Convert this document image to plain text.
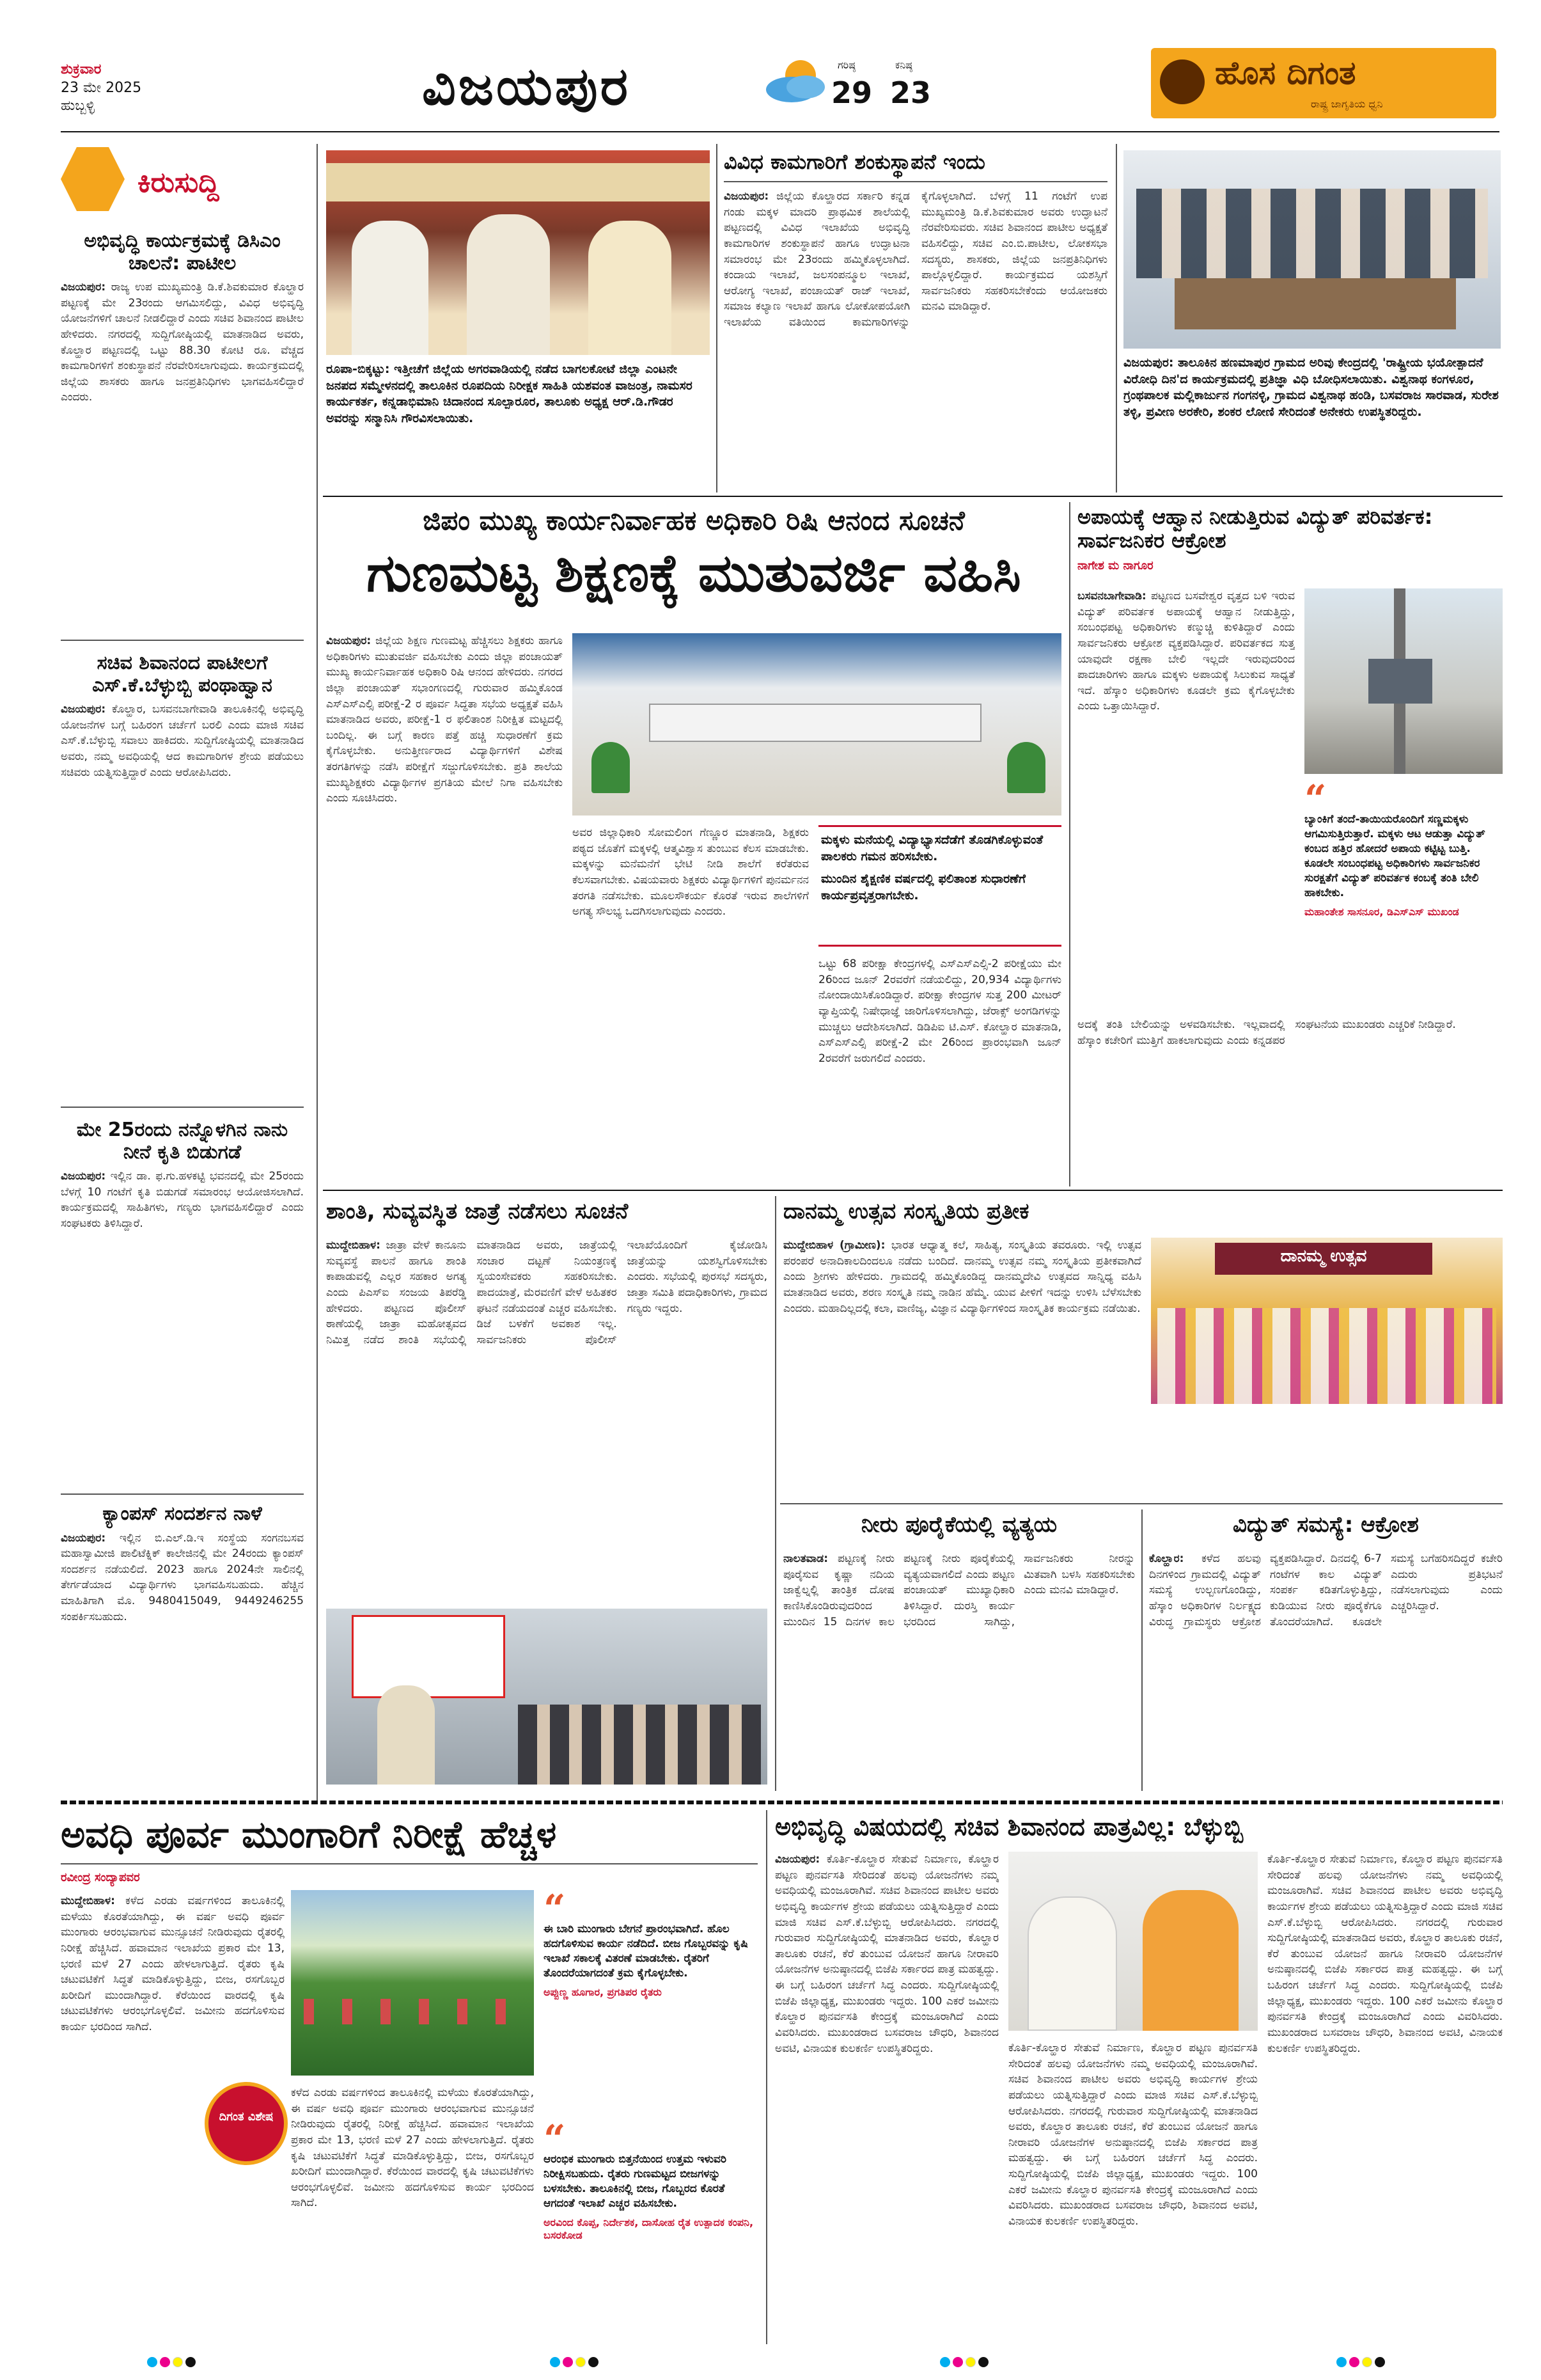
ಶುಕ್ರವಾರ
23 ಮೇ 2025
ಹುಬ್ಬಳ್ಳಿ	ವಿಜಯಪುರ	ಗರಿಷ್ಠ
29
ಕನಿಷ್ಠ
23
ಹೊಸ ದಿಗಂತ
ರಾಷ್ಟ್ರ ಜಾಗೃತಿಯ ಧ್ವನಿ
ಕಿರುಸುದ್ದಿ
ಅಭಿವೃದ್ಧಿ ಕಾರ್ಯಕ್ರಮಕ್ಕೆ ಡಿಸಿಎಂ ಚಾಲನೆ: ಪಾಟೀಲ
ವಿಜಯಪುರ: ರಾಜ್ಯ ಉಪ ಮುಖ್ಯಮಂತ್ರಿ ಡಿ.ಕೆ.ಶಿವಕುಮಾರ ಕೊಲ್ಹಾರ ಪಟ್ಟಣಕ್ಕೆ ಮೇ 23ರಂದು ಆಗಮಿಸಲಿದ್ದು, ವಿವಿಧ ಅಭಿವೃದ್ಧಿ ಯೋಜನೆಗಳಿಗೆ ಚಾಲನೆ ನೀಡಲಿದ್ದಾರೆ ಎಂದು ಸಚಿವ ಶಿವಾನಂದ ಪಾಟೀಲ ಹೇಳಿದರು. ನಗರದಲ್ಲಿ ಸುದ್ದಿಗೋಷ್ಠಿಯಲ್ಲಿ ಮಾತನಾಡಿದ ಅವರು, ಕೊಲ್ಹಾರ ಪಟ್ಟಣದಲ್ಲಿ ಒಟ್ಟು 88.30 ಕೋಟಿ ರೂ. ವೆಚ್ಚದ ಕಾಮಗಾರಿಗಳಿಗೆ ಶಂಕುಸ್ಥಾಪನೆ ನೆರವೇರಿಸಲಾಗುವುದು. ಕಾರ್ಯಕ್ರಮದಲ್ಲಿ ಜಿಲ್ಲೆಯ ಶಾಸಕರು ಹಾಗೂ ಜನಪ್ರತಿನಿಧಿಗಳು ಭಾಗವಹಿಸಲಿದ್ದಾರೆ ಎಂದರು.
ಸಚಿವ ಶಿವಾನಂದ ಪಾಟೀಲಗೆ ಎಸ್.ಕೆ.ಬೆಳ್ಳುಬ್ಬಿ ಪಂಥಾಹ್ವಾನ
ವಿಜಯಪುರ: ಕೊಲ್ಹಾರ, ಬಸವನಬಾಗೇವಾಡಿ ತಾಲೂಕಿನಲ್ಲಿ ಅಭಿವೃದ್ಧಿ ಯೋಜನೆಗಳ ಬಗ್ಗೆ ಬಹಿರಂಗ ಚರ್ಚೆಗೆ ಬರಲಿ ಎಂದು ಮಾಜಿ ಸಚಿವ ಎಸ್.ಕೆ.ಬೆಳ್ಳುಬ್ಬಿ ಸವಾಲು ಹಾಕಿದರು. ಸುದ್ದಿಗೋಷ್ಠಿಯಲ್ಲಿ ಮಾತನಾಡಿದ ಅವರು, ನಮ್ಮ ಅವಧಿಯಲ್ಲಿ ಆದ ಕಾಮಗಾರಿಗಳ ಶ್ರೇಯ ಪಡೆಯಲು ಸಚಿವರು ಯತ್ನಿಸುತ್ತಿದ್ದಾರೆ ಎಂದು ಆರೋಪಿಸಿದರು.
ಮೇ 25ರಂದು ನನ್ನೊಳಗಿನ ನಾನು ನೀನೆ ಕೃತಿ ಬಿಡುಗಡೆ
ವಿಜಯಪುರ: ಇಲ್ಲಿನ ಡಾ. ಫ.ಗು.ಹಳಕಟ್ಟಿ ಭವನದಲ್ಲಿ ಮೇ 25ರಂದು ಬೆಳಗ್ಗೆ 10 ಗಂಟೆಗೆ ಕೃತಿ ಬಿಡುಗಡೆ ಸಮಾರಂಭ ಆಯೋಜಿಸಲಾಗಿದೆ. ಕಾರ್ಯಕ್ರಮದಲ್ಲಿ ಸಾಹಿತಿಗಳು, ಗಣ್ಯರು ಭಾಗವಹಿಸಲಿದ್ದಾರೆ ಎಂದು ಸಂಘಟಕರು ತಿಳಿಸಿದ್ದಾರೆ.
ಕ್ಯಾಂಪಸ್ ಸಂದರ್ಶನ ನಾಳೆ
ವಿಜಯಪುರ: ಇಲ್ಲಿನ ಬಿ.ಎಲ್.ಡಿ.ಇ ಸಂಸ್ಥೆಯ ಸಂಗನಬಸವ ಮಹಾಸ್ವಾಮೀಜಿ ಪಾಲಿಟೆಕ್ನಿಕ್ ಕಾಲೇಜಿನಲ್ಲಿ ಮೇ 24ರಂದು ಕ್ಯಾಂಪಸ್ ಸಂದರ್ಶನ ನಡೆಯಲಿದೆ. 2023 ಹಾಗೂ 2024ನೇ ಸಾಲಿನಲ್ಲಿ ತೇರ್ಗಡೆಯಾದ ವಿದ್ಯಾರ್ಥಿಗಳು ಭಾಗವಹಿಸಬಹುದು. ಹೆಚ್ಚಿನ ಮಾಹಿತಿಗಾಗಿ ಮೊ. 9480415049, 9449246255 ಸಂಪರ್ಕಿಸಬಹುದು.
ರೂಪಾ-ಬಿಕ್ಕಟ್ಟು: ಇತ್ತೀಚೆಗೆ ಜಿಲ್ಲೆಯ ಅಗರವಾಡಿಯಲ್ಲಿ ನಡೆದ ಬಾಗಲಕೋಟೆ ಜಿಲ್ಲಾ ಎಂಟನೇ ಜನಪದ ಸಮ್ಮೇಳನದಲ್ಲಿ ತಾಲೂಕಿನ ರೂಪದಿಯ ನಿರೀಕ್ಷಕ ಸಾಹಿತಿ ಯಶವಂತ ವಾಜಂತ್ರ, ನಾಮಸರ ಕಾರ್ಯಕರ್ತ, ಕನ್ನಡಾಭಿಮಾನಿ ಚಿದಾನಂದ ಸೂಲ್ಪಾರೂರ, ತಾಲೂಕು ಅಧ್ಯಕ್ಷ ಆರ್.ಡಿ.ಗೌಡರ ಅವರನ್ನು ಸನ್ಮಾನಿಸಿ ಗೌರವಿಸಲಾಯಿತು.
ವಿವಿಧ ಕಾಮಗಾರಿಗೆ ಶಂಕುಸ್ಥಾಪನೆ ಇಂದು
ವಿಜಯಪುರ: ಜಿಲ್ಲೆಯ ಕೊಲ್ಹಾರದ ಸರ್ಕಾರಿ ಕನ್ನಡ ಗಂಡು ಮಕ್ಕಳ ಮಾದರಿ ಪ್ರಾಥಮಿಕ ಶಾಲೆಯಲ್ಲಿ ಪಟ್ಟಣದಲ್ಲಿ ವಿವಿಧ ಇಲಾಖೆಯ ಅಭಿವೃದ್ಧಿ ಕಾಮಗಾರಿಗಳ ಶಂಕುಸ್ಥಾಪನೆ ಹಾಗೂ ಉದ್ಘಾಟನಾ ಸಮಾರಂಭ ಮೇ 23ರಂದು ಹಮ್ಮಿಕೊಳ್ಳಲಾಗಿದೆ. ಕಂದಾಯ ಇಲಾಖೆ, ಜಲಸಂಪನ್ಮೂಲ ಇಲಾಖೆ, ಆರೋಗ್ಯ ಇಲಾಖೆ, ಪಂಚಾಯತ್ ರಾಜ್ ಇಲಾಖೆ, ಸಮಾಜ ಕಲ್ಯಾಣ ಇಲಾಖೆ ಹಾಗೂ ಲೋಕೋಪಯೋಗಿ ಇಲಾಖೆಯ ವತಿಯಿಂದ ಕಾಮಗಾರಿಗಳನ್ನು ಕೈಗೊಳ್ಳಲಾಗಿದೆ. ಬೆಳಗ್ಗೆ 11 ಗಂಟೆಗೆ ಉಪ ಮುಖ್ಯಮಂತ್ರಿ ಡಿ.ಕೆ.ಶಿವಕುಮಾರ ಅವರು ಉದ್ಘಾಟನೆ ನೆರವೇರಿಸುವರು. ಸಚಿವ ಶಿವಾನಂದ ಪಾಟೀಲ ಅಧ್ಯಕ್ಷತೆ ವಹಿಸಲಿದ್ದು, ಸಚಿವ ಎಂ.ಬಿ.ಪಾಟೀಲ, ಲೋಕಸಭಾ ಸದಸ್ಯರು, ಶಾಸಕರು, ಜಿಲ್ಲೆಯ ಜನಪ್ರತಿನಿಧಿಗಳು ಪಾಲ್ಗೊಳ್ಳಲಿದ್ದಾರೆ. ಕಾರ್ಯಕ್ರಮದ ಯಶಸ್ಸಿಗೆ ಸಾರ್ವಜನಿಕರು ಸಹಕರಿಸಬೇಕೆಂದು ಆಯೋಜಕರು ಮನವಿ ಮಾಡಿದ್ದಾರೆ.
ವಿಜಯಪುರ: ತಾಲೂಕಿನ ಹಣಮಾಪುರ ಗ್ರಾಮದ ಅರಿವು ಕೇಂದ್ರದಲ್ಲಿ 'ರಾಷ್ಟ್ರೀಯ ಭಯೋತ್ಪಾದನೆ ವಿರೋಧಿ ದಿನ'ದ ಕಾರ್ಯಕ್ರಮದಲ್ಲಿ ಪ್ರತಿಜ್ಞಾ ವಿಧಿ ಬೋಧಿಸಲಾಯಿತು. ವಿಶ್ವನಾಥ ಕಂಗಳೂರ, ಗ್ರಂಥಪಾಲಕ ಮಲ್ಲಿಕಾರ್ಜುನ ಗಂಗನಳ್ಳಿ, ಗ್ರಾಮದ ವಿಶ್ವನಾಥ ಹಂಡಿ, ಬಸವರಾಜ ಸಾರವಾಡ, ಸುರೇಶ ತಳ್ಳಿ, ಪ್ರವೀಣ ಅರಕೇರಿ, ಶಂಕರ ಲೋಣಿ ಸೇರಿದಂತೆ ಅನೇಕರು ಉಪಸ್ಥಿತರಿದ್ದರು.
ಜಿಪಂ ಮುಖ್ಯ ಕಾರ್ಯನಿರ್ವಾಹಕ ಅಧಿಕಾರಿ ರಿಷಿ ಆನಂದ ಸೂಚನೆ
ಗುಣಮಟ್ಟ ಶಿಕ್ಷಣಕ್ಕೆ ಮುತುವರ್ಜಿ ವಹಿಸಿ
ವಿಜಯಪುರ: ಜಿಲ್ಲೆಯ ಶಿಕ್ಷಣ ಗುಣಮಟ್ಟ ಹೆಚ್ಚಿಸಲು ಶಿಕ್ಷಕರು ಹಾಗೂ ಅಧಿಕಾರಿಗಳು ಮುತುವರ್ಜಿ ವಹಿಸಬೇಕು ಎಂದು ಜಿಲ್ಲಾ ಪಂಚಾಯತ್ ಮುಖ್ಯ ಕಾರ್ಯನಿರ್ವಾಹಕ ಅಧಿಕಾರಿ ರಿಷಿ ಆನಂದ ಹೇಳಿದರು. ನಗರದ ಜಿಲ್ಲಾ ಪಂಚಾಯತ್ ಸಭಾಂಗಣದಲ್ಲಿ ಗುರುವಾರ ಹಮ್ಮಿಕೊಂಡ ಎಸ್ಎಸ್ಎಲ್ಸಿ ಪರೀಕ್ಷೆ-2 ರ ಪೂರ್ವ ಸಿದ್ಧತಾ ಸಭೆಯ ಅಧ್ಯಕ್ಷತೆ ವಹಿಸಿ ಮಾತನಾಡಿದ ಅವರು, ಪರೀಕ್ಷೆ-1 ರ ಫಲಿತಾಂಶ ನಿರೀಕ್ಷಿತ ಮಟ್ಟದಲ್ಲಿ ಬಂದಿಲ್ಲ. ಈ ಬಗ್ಗೆ ಕಾರಣ ಪತ್ತೆ ಹಚ್ಚಿ ಸುಧಾರಣೆಗೆ ಕ್ರಮ ಕೈಗೊಳ್ಳಬೇಕು. ಅನುತ್ತೀರ್ಣರಾದ ವಿದ್ಯಾರ್ಥಿಗಳಿಗೆ ವಿಶೇಷ ತರಗತಿಗಳನ್ನು ನಡೆಸಿ ಪರೀಕ್ಷೆಗೆ ಸಜ್ಜುಗೊಳಿಸಬೇಕು. ಪ್ರತಿ ಶಾಲೆಯ ಮುಖ್ಯಶಿಕ್ಷಕರು ವಿದ್ಯಾರ್ಥಿಗಳ ಪ್ರಗತಿಯ ಮೇಲೆ ನಿಗಾ ವಹಿಸಬೇಕು ಎಂದು ಸೂಚಿಸಿದರು.
ಅವರ ಜಿಲ್ಲಾಧಿಕಾರಿ ಸೋಮಲಿಂಗ ಗೆಣ್ಣೂರ ಮಾತನಾಡಿ, ಶಿಕ್ಷಕರು ಪಠ್ಯದ ಜೊತೆಗೆ ಮಕ್ಕಳಲ್ಲಿ ಆತ್ಮವಿಶ್ವಾಸ ತುಂಬುವ ಕೆಲಸ ಮಾಡಬೇಕು. ಮಕ್ಕಳನ್ನು ಮನೆಮನೆಗೆ ಭೇಟಿ ನೀಡಿ ಶಾಲೆಗೆ ಕರೆತರುವ ಕೆಲಸವಾಗಬೇಕು. ವಿಷಯವಾರು ಶಿಕ್ಷಕರು ವಿದ್ಯಾರ್ಥಿಗಳಿಗೆ ಪುನರ್ಮನನ ತರಗತಿ ನಡೆಸಬೇಕು. ಮೂಲಸೌಕರ್ಯ ಕೊರತೆ ಇರುವ ಶಾಲೆಗಳಿಗೆ ಅಗತ್ಯ ಸೌಲಭ್ಯ ಒದಗಿಸಲಾಗುವುದು ಎಂದರು.
ಮಕ್ಕಳು ಮನೆಯಲ್ಲಿ ವಿದ್ಯಾಭ್ಯಾಸದೆಡೆಗೆ ತೊಡಗಿಕೊಳ್ಳುವಂತೆ ಪಾಲಕರು ಗಮನ ಹರಿಸಬೇಕು.
ಮುಂದಿನ ಶೈಕ್ಷಣಿಕ ವರ್ಷದಲ್ಲಿ ಫಲಿತಾಂಶ ಸುಧಾರಣೆಗೆ ಕಾರ್ಯಪ್ರವೃತ್ತರಾಗಬೇಕು.
ಒಟ್ಟು 68 ಪರೀಕ್ಷಾ ಕೇಂದ್ರಗಳಲ್ಲಿ ಎಸ್ಎಸ್ಎಲ್ಸಿ-2 ಪರೀಕ್ಷೆಯು ಮೇ 26ರಿಂದ ಜೂನ್ 2ರವರೆಗೆ ನಡೆಯಲಿದ್ದು, 20,934 ವಿದ್ಯಾರ್ಥಿಗಳು ನೋಂದಾಯಿಸಿಕೊಂಡಿದ್ದಾರೆ. ಪರೀಕ್ಷಾ ಕೇಂದ್ರಗಳ ಸುತ್ತ 200 ಮೀಟರ್ ವ್ಯಾಪ್ತಿಯಲ್ಲಿ ನಿಷೇಧಾಜ್ಞೆ ಜಾರಿಗೊಳಿಸಲಾಗಿದ್ದು, ಜೆರಾಕ್ಸ್ ಅಂಗಡಿಗಳನ್ನು ಮುಚ್ಚಲು ಆದೇಶಿಸಲಾಗಿದೆ. ಡಿಡಿಪಿಐ ಟಿ.ಎಸ್. ಕೋಲ್ಹಾರ ಮಾತನಾಡಿ, ಎಸ್ಎಸ್ಎಲ್ಸಿ ಪರೀಕ್ಷೆ-2 ಮೇ 26ರಿಂದ ಪ್ರಾರಂಭವಾಗಿ ಜೂನ್ 2ರವರೆಗೆ ಜರುಗಲಿದೆ ಎಂದರು.
ಅಪಾಯಕ್ಕೆ ಆಹ್ವಾನ ನೀಡುತ್ತಿರುವ ವಿದ್ಯುತ್ ಪರಿವರ್ತಕ: ಸಾರ್ವಜನಿಕರ ಆಕ್ರೋಶ
ನಾಗೇಶ ಮ ನಾಗೂರ
ಬಸವನಬಾಗೇವಾಡಿ: ಪಟ್ಟಣದ ಬಸವೇಶ್ವರ ವೃತ್ತದ ಬಳಿ ಇರುವ ವಿದ್ಯುತ್ ಪರಿವರ್ತಕ ಅಪಾಯಕ್ಕೆ ಆಹ್ವಾನ ನೀಡುತ್ತಿದ್ದು, ಸಂಬಂಧಪಟ್ಟ ಅಧಿಕಾರಿಗಳು ಕಣ್ಮುಚ್ಚಿ ಕುಳಿತಿದ್ದಾರೆ ಎಂದು ಸಾರ್ವಜನಿಕರು ಆಕ್ರೋಶ ವ್ಯಕ್ತಪಡಿಸಿದ್ದಾರೆ. ಪರಿವರ್ತಕದ ಸುತ್ತ ಯಾವುದೇ ರಕ್ಷಣಾ ಬೇಲಿ ಇಲ್ಲದೇ ಇರುವುದರಿಂದ ಪಾದಚಾರಿಗಳು ಹಾಗೂ ಮಕ್ಕಳು ಅಪಾಯಕ್ಕೆ ಸಿಲುಕುವ ಸಾಧ್ಯತೆ ಇದೆ. ಹೆಸ್ಕಾಂ ಅಧಿಕಾರಿಗಳು ಕೂಡಲೇ ಕ್ರಮ ಕೈಗೊಳ್ಳಬೇಕು ಎಂದು ಒತ್ತಾಯಿಸಿದ್ದಾರೆ.
“
ಬ್ಯಾಂಕಿಗೆ ತಂದೆ-ತಾಯಿಯರೊಂದಿಗೆ ಸಣ್ಣಮಕ್ಕಳು ಆಗಮಿಸುತ್ತಿರುತ್ತಾರೆ. ಮಕ್ಕಳು ಆಟ ಆಡುತ್ತಾ ವಿದ್ಯುತ್ ಕಂಬದ ಹತ್ತಿರ ಹೋದರೆ ಅಪಾಯ ಕಟ್ಟಿಟ್ಟ ಬುತ್ತಿ. ಕೂಡಲೇ ಸಂಬಂಧಪಟ್ಟ ಅಧಿಕಾರಿಗಳು ಸಾರ್ವಜನಿಕರ ಸುರಕ್ಷತೆಗೆ ವಿದ್ಯುತ್ ಪರಿವರ್ತಕ ಕಂಬಕ್ಕೆ ತಂತಿ ಬೇಲಿ ಹಾಕಬೇಕು.
ಮಹಾಂತೇಶ ಸಾಸನೂರ, ಡಿಎಸ್ಎಸ್ ಮುಖಂಡ
ಅದಕ್ಕೆ ತಂತಿ ಬೇಲಿಯನ್ನು ಅಳವಡಿಸಬೇಕು. ಇಲ್ಲವಾದಲ್ಲಿ ಹೆಸ್ಕಾಂ ಕಚೇರಿಗೆ ಮುತ್ತಿಗೆ ಹಾಕಲಾಗುವುದು ಎಂದು ಕನ್ನಡಪರ ಸಂಘಟನೆಯ ಮುಖಂಡರು ಎಚ್ಚರಿಕೆ ನೀಡಿದ್ದಾರೆ.
ಶಾಂತಿ, ಸುವ್ಯವಸ್ಥಿತ ಜಾತ್ರೆ ನಡೆಸಲು ಸೂಚನೆ
ಮುದ್ದೇಬಿಹಾಳ: ಜಾತ್ರಾ ವೇಳೆ ಕಾನೂನು ಸುವ್ಯವಸ್ಥೆ ಪಾಲನೆ ಹಾಗೂ ಶಾಂತಿ ಕಾಪಾಡುವಲ್ಲಿ ಎಲ್ಲರ ಸಹಕಾರ ಅಗತ್ಯ ಎಂದು ಪಿಎಸ್ಐ ಸಂಜಯ ತಿಪರೆಡ್ಡಿ ಹೇಳಿದರು. ಪಟ್ಟಣದ ಪೊಲೀಸ್ ಠಾಣೆಯಲ್ಲಿ ಜಾತ್ರಾ ಮಹೋತ್ಸವದ ನಿಮಿತ್ತ ನಡೆದ ಶಾಂತಿ ಸಭೆಯಲ್ಲಿ ಮಾತನಾಡಿದ ಅವರು, ಜಾತ್ರೆಯಲ್ಲಿ ಸಂಚಾರ ದಟ್ಟಣೆ ನಿಯಂತ್ರಣಕ್ಕೆ ಸ್ವಯಂಸೇವಕರು ಸಹಕರಿಸಬೇಕು. ಪಾದಯಾತ್ರೆ, ಮೆರವಣಿಗೆ ವೇಳೆ ಅಹಿತಕರ ಘಟನೆ ನಡೆಯದಂತೆ ಎಚ್ಚರ ವಹಿಸಬೇಕು. ಡಿಜೆ ಬಳಕೆಗೆ ಅವಕಾಶ ಇಲ್ಲ. ಸಾರ್ವಜನಿಕರು ಪೊಲೀಸ್ ಇಲಾಖೆಯೊಂದಿಗೆ ಕೈಜೋಡಿಸಿ ಜಾತ್ರೆಯನ್ನು ಯಶಸ್ವಿಗೊಳಿಸಬೇಕು ಎಂದರು. ಸಭೆಯಲ್ಲಿ ಪುರಸಭೆ ಸದಸ್ಯರು, ಜಾತ್ರಾ ಸಮಿತಿ ಪದಾಧಿಕಾರಿಗಳು, ಗ್ರಾಮದ ಗಣ್ಯರು ಇದ್ದರು.
ದಾನಮ್ಮ ಉತ್ಸವ ಸಂಸ್ಕೃತಿಯ ಪ್ರತೀಕ
ಮುದ್ದೇಬಿಹಾಳ (ಗ್ರಾಮೀಣ): ಭಾರತ ಆಧ್ಯಾತ್ಮ ಕಲೆ, ಸಾಹಿತ್ಯ, ಸಂಸ್ಕೃತಿಯ ತವರೂರು. ಇಲ್ಲಿ ಉತ್ಸವ ಪರಂಪರೆ ಅನಾದಿಕಾಲದಿಂದಲೂ ನಡೆದು ಬಂದಿದೆ. ದಾನಮ್ಮ ಉತ್ಸವ ನಮ್ಮ ಸಂಸ್ಕೃತಿಯ ಪ್ರತೀಕವಾಗಿದೆ ಎಂದು ಶ್ರೀಗಳು ಹೇಳಿದರು. ಗ್ರಾಮದಲ್ಲಿ ಹಮ್ಮಿಕೊಂಡಿದ್ದ ದಾನಮ್ಮದೇವಿ ಉತ್ಸವದ ಸಾನ್ನಿಧ್ಯ ವಹಿಸಿ ಮಾತನಾಡಿದ ಅವರು, ಶರಣ ಸಂಸ್ಕೃತಿ ನಮ್ಮ ನಾಡಿನ ಹೆಮ್ಮೆ. ಯುವ ಪೀಳಿಗೆ ಇದನ್ನು ಉಳಿಸಿ ಬೆಳೆಸಬೇಕು ಎಂದರು. ಮಹಾದಿಲ್ಲದಲ್ಲಿ ಕಲಾ, ವಾಣಿಜ್ಯ, ವಿಜ್ಞಾನ ವಿದ್ಯಾರ್ಥಿಗಳಿಂದ ಸಾಂಸ್ಕೃತಿಕ ಕಾರ್ಯಕ್ರಮ ನಡೆಯಿತು.
ದಾನಮ್ಮ ಉತ್ಸವ
ನೀರು ಪೂರೈಕೆಯಲ್ಲಿ ವ್ಯತ್ಯಯ
ನಾಲತವಾಡ: ಪಟ್ಟಣಕ್ಕೆ ನೀರು ಪೂರೈಸುವ ಕೃಷ್ಣಾ ನದಿಯ ಜಾಕ್ವೆಲ್ನಲ್ಲಿ ತಾಂತ್ರಿಕ ದೋಷ ಕಾಣಿಸಿಕೊಂಡಿರುವುದರಿಂದ ಮುಂದಿನ 15 ದಿನಗಳ ಕಾಲ ಪಟ್ಟಣಕ್ಕೆ ನೀರು ಪೂರೈಕೆಯಲ್ಲಿ ವ್ಯತ್ಯಯವಾಗಲಿದೆ ಎಂದು ಪಟ್ಟಣ ಪಂಚಾಯತ್ ಮುಖ್ಯಾಧಿಕಾರಿ ತಿಳಿಸಿದ್ದಾರೆ. ದುರಸ್ತಿ ಕಾರ್ಯ ಭರದಿಂದ ಸಾಗಿದ್ದು, ಸಾರ್ವಜನಿಕರು ನೀರನ್ನು ಮಿತವಾಗಿ ಬಳಸಿ ಸಹಕರಿಸಬೇಕು ಎಂದು ಮನವಿ ಮಾಡಿದ್ದಾರೆ.
ವಿದ್ಯುತ್ ಸಮಸ್ಯೆ: ಆಕ್ರೋಶ
ಕೊಲ್ಹಾರ: ಕಳೆದ ಹಲವು ದಿನಗಳಿಂದ ಗ್ರಾಮದಲ್ಲಿ ವಿದ್ಯುತ್ ಸಮಸ್ಯೆ ಉಲ್ಬಣಗೊಂಡಿದ್ದು, ಹೆಸ್ಕಾಂ ಅಧಿಕಾರಿಗಳ ನಿರ್ಲಕ್ಷ್ಯದ ವಿರುದ್ಧ ಗ್ರಾಮಸ್ಥರು ಆಕ್ರೋಶ ವ್ಯಕ್ತಪಡಿಸಿದ್ದಾರೆ. ದಿನದಲ್ಲಿ 6-7 ಗಂಟೆಗಳ ಕಾಲ ವಿದ್ಯುತ್ ಸಂಪರ್ಕ ಕಡಿತಗೊಳ್ಳುತ್ತಿದ್ದು, ಕುಡಿಯುವ ನೀರು ಪೂರೈಕೆಗೂ ತೊಂದರೆಯಾಗಿದೆ. ಕೂಡಲೇ ಸಮಸ್ಯೆ ಬಗೆಹರಿಸದಿದ್ದರೆ ಕಚೇರಿ ಎದುರು ಪ್ರತಿಭಟನೆ ನಡೆಸಲಾಗುವುದು ಎಂದು ಎಚ್ಚರಿಸಿದ್ದಾರೆ.
ಅವಧಿ ಪೂರ್ವ ಮುಂಗಾರಿಗೆ ನಿರೀಕ್ಷೆ ಹೆಚ್ಚಳ
ರವೀಂದ್ರ ಸಂದ್ಯಾಪವರ
ಮುದ್ದೇಬಿಹಾಳ: ಕಳೆದ ಎರಡು ವರ್ಷಗಳಿಂದ ತಾಲೂಕಿನಲ್ಲಿ ಮಳೆಯು ಕೊರತೆಯಾಗಿದ್ದು, ಈ ವರ್ಷ ಅವಧಿ ಪೂರ್ವ ಮುಂಗಾರು ಆರಂಭವಾಗುವ ಮುನ್ಸೂಚನೆ ನೀಡಿರುವುದು ರೈತರಲ್ಲಿ ನಿರೀಕ್ಷೆ ಹೆಚ್ಚಿಸಿದೆ. ಹವಾಮಾನ ಇಲಾಖೆಯ ಪ್ರಕಾರ ಮೇ 13, ಭರಣಿ ಮಳೆ 27 ಎಂದು ಹೇಳಲಾಗುತ್ತಿದೆ. ರೈತರು ಕೃಷಿ ಚಟುವಟಿಕೆಗೆ ಸಿದ್ಧತೆ ಮಾಡಿಕೊಳ್ಳುತ್ತಿದ್ದು, ಬೀಜ, ರಸಗೊಬ್ಬರ ಖರೀದಿಗೆ ಮುಂದಾಗಿದ್ದಾರೆ. ಕೆರೆಯಿಂದ ವಾರದಲ್ಲಿ ಕೃಷಿ ಚಟುವಟಿಕೆಗಳು ಆರಂಭಗೊಳ್ಳಲಿವೆ. ಜಮೀನು ಹದಗೊಳಿಸುವ ಕಾರ್ಯ ಭರದಿಂದ ಸಾಗಿದೆ.
ದಿಗಂತ ವಿಶೇಷ
ಕಳೆದ ಎರಡು ವರ್ಷಗಳಿಂದ ತಾಲೂಕಿನಲ್ಲಿ ಮಳೆಯು ಕೊರತೆಯಾಗಿದ್ದು, ಈ ವರ್ಷ ಅವಧಿ ಪೂರ್ವ ಮುಂಗಾರು ಆರಂಭವಾಗುವ ಮುನ್ಸೂಚನೆ ನೀಡಿರುವುದು ರೈತರಲ್ಲಿ ನಿರೀಕ್ಷೆ ಹೆಚ್ಚಿಸಿದೆ. ಹವಾಮಾನ ಇಲಾಖೆಯ ಪ್ರಕಾರ ಮೇ 13, ಭರಣಿ ಮಳೆ 27 ಎಂದು ಹೇಳಲಾಗುತ್ತಿದೆ. ರೈತರು ಕೃಷಿ ಚಟುವಟಿಕೆಗೆ ಸಿದ್ಧತೆ ಮಾಡಿಕೊಳ್ಳುತ್ತಿದ್ದು, ಬೀಜ, ರಸಗೊಬ್ಬರ ಖರೀದಿಗೆ ಮುಂದಾಗಿದ್ದಾರೆ. ಕೆರೆಯಿಂದ ವಾರದಲ್ಲಿ ಕೃಷಿ ಚಟುವಟಿಕೆಗಳು ಆರಂಭಗೊಳ್ಳಲಿವೆ. ಜಮೀನು ಹದಗೊಳಿಸುವ ಕಾರ್ಯ ಭರದಿಂದ ಸಾಗಿದೆ.
“
ಈ ಬಾರಿ ಮುಂಗಾರು ಬೇಗನೆ ಪ್ರಾರಂಭವಾಗಿದೆ. ಹೊಲ ಹದಗೊಳಿಸುವ ಕಾರ್ಯ ನಡೆದಿದೆ. ಬೀಜ ಗೊಬ್ಬರವನ್ನು ಕೃಷಿ ಇಲಾಖೆ ಸಕಾಲಕ್ಕೆ ವಿತರಣೆ ಮಾಡಬೇಕು. ರೈತರಿಗೆ ತೊಂದರೆಯಾಗದಂತೆ ಕ್ರಮ ಕೈಗೊಳ್ಳಬೇಕು.
ಅಪ್ಪುಣ್ಣ ಹೂಗಾರ, ಪ್ರಗತಿಪರ ರೈತರು
“
ಆರಂಭಿಕ ಮುಂಗಾರು ಬಿತ್ತನೆಯಿಂದ ಉತ್ತಮ ಇಳುವರಿ ನಿರೀಕ್ಷಿಸಬಹುದು. ರೈತರು ಗುಣಮಟ್ಟದ ಬೀಜಗಳನ್ನು ಬಳಸಬೇಕು. ತಾಲೂಕಿನಲ್ಲಿ ಬೀಜ, ಗೊಬ್ಬರದ ಕೊರತೆ ಆಗದಂತೆ ಇಲಾಖೆ ಎಚ್ಚರ ವಹಿಸಬೇಕು.
ಅರವಿಂದ ಕೊಪ್ಪ, ನಿರ್ದೇಶಕ, ದಾಸೋಹ ರೈತ ಉತ್ಪಾದಕ ಕಂಪನಿ, ಬಸರಕೋಡ
ಅಭಿವೃದ್ಧಿ ವಿಷಯದಲ್ಲಿ ಸಚಿವ ಶಿವಾನಂದ ಪಾತ್ರವಿಲ್ಲ: ಬೆಳ್ಳುಬ್ಬಿ
ವಿಜಯಪುರ: ಕೊರ್ತಿ-ಕೊಲ್ಹಾರ ಸೇತುವೆ ನಿರ್ಮಾಣ, ಕೊಲ್ಹಾರ ಪಟ್ಟಣ ಪುನರ್ವಸತಿ ಸೇರಿದಂತೆ ಹಲವು ಯೋಜನೆಗಳು ನಮ್ಮ ಅವಧಿಯಲ್ಲಿ ಮಂಜೂರಾಗಿವೆ. ಸಚಿವ ಶಿವಾನಂದ ಪಾಟೀಲ ಅವರು ಅಭಿವೃದ್ಧಿ ಕಾರ್ಯಗಳ ಶ್ರೇಯ ಪಡೆಯಲು ಯತ್ನಿಸುತ್ತಿದ್ದಾರೆ ಎಂದು ಮಾಜಿ ಸಚಿವ ಎಸ್.ಕೆ.ಬೆಳ್ಳುಬ್ಬಿ ಆರೋಪಿಸಿದರು. ನಗರದಲ್ಲಿ ಗುರುವಾರ ಸುದ್ದಿಗೋಷ್ಠಿಯಲ್ಲಿ ಮಾತನಾಡಿದ ಅವರು, ಕೊಲ್ಹಾರ ತಾಲೂಕು ರಚನೆ, ಕೆರೆ ತುಂಬುವ ಯೋಜನೆ ಹಾಗೂ ನೀರಾವರಿ ಯೋಜನೆಗಳ ಅನುಷ್ಠಾನದಲ್ಲಿ ಬಿಜೆಪಿ ಸರ್ಕಾರದ ಪಾತ್ರ ಮಹತ್ವದ್ದು. ಈ ಬಗ್ಗೆ ಬಹಿರಂಗ ಚರ್ಚೆಗೆ ಸಿದ್ಧ ಎಂದರು. ಸುದ್ದಿಗೋಷ್ಠಿಯಲ್ಲಿ ಬಿಜೆಪಿ ಜಿಲ್ಲಾಧ್ಯಕ್ಷ, ಮುಖಂಡರು ಇದ್ದರು. 100 ಎಕರೆ ಜಮೀನು ಕೊಲ್ಹಾರ ಪುನರ್ವಸತಿ ಕೇಂದ್ರಕ್ಕೆ ಮಂಜೂರಾಗಿದೆ ಎಂದು ವಿವರಿಸಿದರು. ಮುಖಂಡರಾದ ಬಸವರಾಜ ಚೌಧರಿ, ಶಿವಾನಂದ ಅವಟಿ, ವಿನಾಯಕ ಕುಲಕರ್ಣಿ ಉಪಸ್ಥಿತರಿದ್ದರು.	ಕೊರ್ತಿ-ಕೊಲ್ಹಾರ ಸೇತುವೆ ನಿರ್ಮಾಣ, ಕೊಲ್ಹಾರ ಪಟ್ಟಣ ಪುನರ್ವಸತಿ ಸೇರಿದಂತೆ ಹಲವು ಯೋಜನೆಗಳು ನಮ್ಮ ಅವಧಿಯಲ್ಲಿ ಮಂಜೂರಾಗಿವೆ. ಸಚಿವ ಶಿವಾನಂದ ಪಾಟೀಲ ಅವರು ಅಭಿವೃದ್ಧಿ ಕಾರ್ಯಗಳ ಶ್ರೇಯ ಪಡೆಯಲು ಯತ್ನಿಸುತ್ತಿದ್ದಾರೆ ಎಂದು ಮಾಜಿ ಸಚಿವ ಎಸ್.ಕೆ.ಬೆಳ್ಳುಬ್ಬಿ ಆರೋಪಿಸಿದರು. ನಗರದಲ್ಲಿ ಗುರುವಾರ ಸುದ್ದಿಗೋಷ್ಠಿಯಲ್ಲಿ ಮಾತನಾಡಿದ ಅವರು, ಕೊಲ್ಹಾರ ತಾಲೂಕು ರಚನೆ, ಕೆರೆ ತುಂಬುವ ಯೋಜನೆ ಹಾಗೂ ನೀರಾವರಿ ಯೋಜನೆಗಳ ಅನುಷ್ಠಾನದಲ್ಲಿ ಬಿಜೆಪಿ ಸರ್ಕಾರದ ಪಾತ್ರ ಮಹತ್ವದ್ದು. ಈ ಬಗ್ಗೆ ಬಹಿರಂಗ ಚರ್ಚೆಗೆ ಸಿದ್ಧ ಎಂದರು. ಸುದ್ದಿಗೋಷ್ಠಿಯಲ್ಲಿ ಬಿಜೆಪಿ ಜಿಲ್ಲಾಧ್ಯಕ್ಷ, ಮುಖಂಡರು ಇದ್ದರು. 100 ಎಕರೆ ಜಮೀನು ಕೊಲ್ಹಾರ ಪುನರ್ವಸತಿ ಕೇಂದ್ರಕ್ಕೆ ಮಂಜೂರಾಗಿದೆ ಎಂದು ವಿವರಿಸಿದರು. ಮುಖಂಡರಾದ ಬಸವರಾಜ ಚೌಧರಿ, ಶಿವಾನಂದ ಅವಟಿ, ವಿನಾಯಕ ಕುಲಕರ್ಣಿ ಉಪಸ್ಥಿತರಿದ್ದರು.
ಕೊರ್ತಿ-ಕೊಲ್ಹಾರ ಸೇತುವೆ ನಿರ್ಮಾಣ, ಕೊಲ್ಹಾರ ಪಟ್ಟಣ ಪುನರ್ವಸತಿ ಸೇರಿದಂತೆ ಹಲವು ಯೋಜನೆಗಳು ನಮ್ಮ ಅವಧಿಯಲ್ಲಿ ಮಂಜೂರಾಗಿವೆ. ಸಚಿವ ಶಿವಾನಂದ ಪಾಟೀಲ ಅವರು ಅಭಿವೃದ್ಧಿ ಕಾರ್ಯಗಳ ಶ್ರೇಯ ಪಡೆಯಲು ಯತ್ನಿಸುತ್ತಿದ್ದಾರೆ ಎಂದು ಮಾಜಿ ಸಚಿವ ಎಸ್.ಕೆ.ಬೆಳ್ಳುಬ್ಬಿ ಆರೋಪಿಸಿದರು. ನಗರದಲ್ಲಿ ಗುರುವಾರ ಸುದ್ದಿಗೋಷ್ಠಿಯಲ್ಲಿ ಮಾತನಾಡಿದ ಅವರು, ಕೊಲ್ಹಾರ ತಾಲೂಕು ರಚನೆ, ಕೆರೆ ತುಂಬುವ ಯೋಜನೆ ಹಾಗೂ ನೀರಾವರಿ ಯೋಜನೆಗಳ ಅನುಷ್ಠಾನದಲ್ಲಿ ಬಿಜೆಪಿ ಸರ್ಕಾರದ ಪಾತ್ರ ಮಹತ್ವದ್ದು. ಈ ಬಗ್ಗೆ ಬಹಿರಂಗ ಚರ್ಚೆಗೆ ಸಿದ್ಧ ಎಂದರು. ಸುದ್ದಿಗೋಷ್ಠಿಯಲ್ಲಿ ಬಿಜೆಪಿ ಜಿಲ್ಲಾಧ್ಯಕ್ಷ, ಮುಖಂಡರು ಇದ್ದರು. 100 ಎಕರೆ ಜಮೀನು ಕೊಲ್ಹಾರ ಪುನರ್ವಸತಿ ಕೇಂದ್ರಕ್ಕೆ ಮಂಜೂರಾಗಿದೆ ಎಂದು ವಿವರಿಸಿದರು. ಮುಖಂಡರಾದ ಬಸವರಾಜ ಚೌಧರಿ, ಶಿವಾನಂದ ಅವಟಿ, ವಿನಾಯಕ ಕುಲಕರ್ಣಿ ಉಪಸ್ಥಿತರಿದ್ದರು.
